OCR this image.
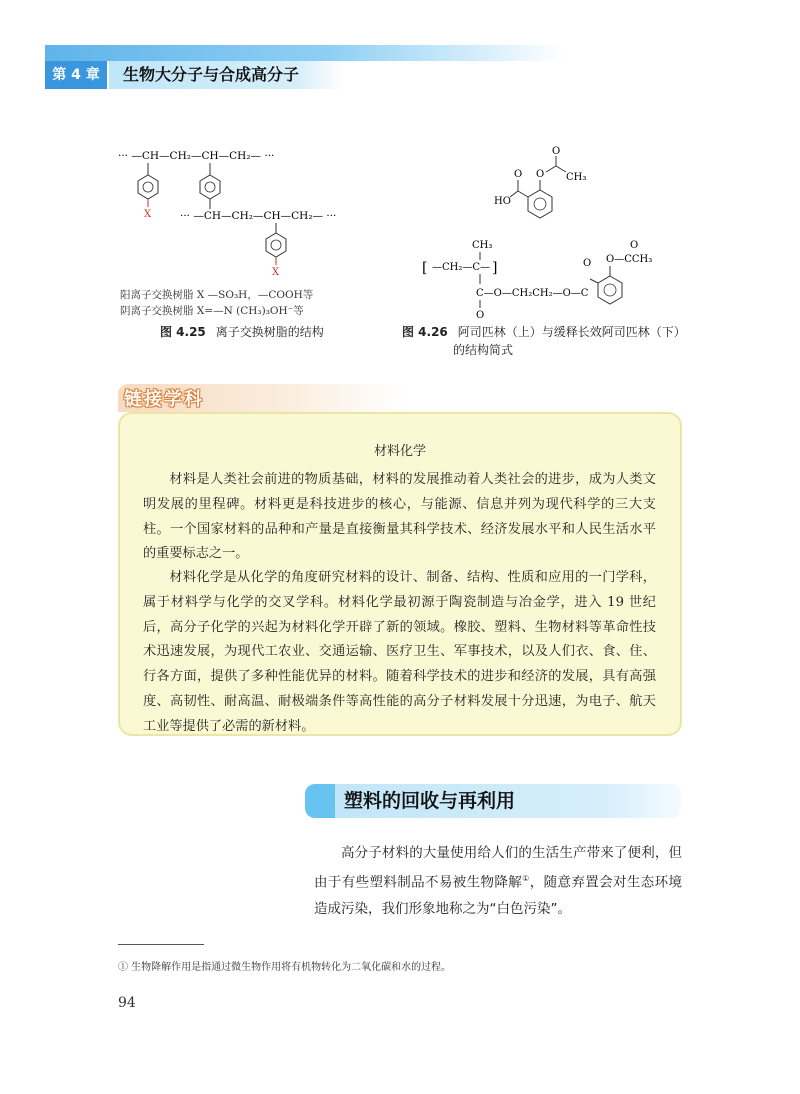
第 4 章	生物大分子与合成高分子
··· —CH—CH₂—CH—CH₂— ···
X	··· —CH—CH₂—CH—CH₂— ···
X
阳离子交换树脂 X —SO₃H，—COOH等
阴离子交换树脂 X=—N (CH₃)₃OH⁻等
图 4.25 离子交换树脂的结构
O
HO
O
O
CH₃
CH₃
[ —CH₂—C— ]
C—O—CH₂CH₂—O—C
O
O O—CCH₃
O
图 4.26 阿司匹林（上）与缓释长效阿司匹林（下）
的结构简式
链接学科
材料化学
材料是人类社会前进的物质基础，材料的发展推动着人类社会的进步，成为人类文明发展的里程碑。材料更是科技进步的核心，与能源、信息并列为现代科学的三大支柱。一个国家材料的品种和产量是直接衡量其科学技术、经济发展水平和人民生活水平的重要标志之一。
材料化学是从化学的角度研究材料的设计、制备、结构、性质和应用的一门学科，属于材料学与化学的交叉学科。材料化学最初源于陶瓷制造与冶金学，进入 19 世纪后，高分子化学的兴起为材料化学开辟了新的领域。橡胶、塑料、生物材料等革命性技术迅速发展，为现代工农业、交通运输、医疗卫生、军事技术，以及人们衣、食、住、行各方面，提供了多种性能优异的材料。随着科学技术的进步和经济的发展，具有高强度、高韧性、耐高温、耐极端条件等高性能的高分子材料发展十分迅速，为电子、航天工业等提供了必需的新材料。
塑料的回收与再利用
高分子材料的大量使用给人们的生活生产带来了便利，但由于有些塑料制品不易被生物降解①，随意弃置会对生态环境造成污染，我们形象地称之为“白色污染”。
① 生物降解作用是指通过微生物作用将有机物转化为二氧化碳和水的过程。
94
